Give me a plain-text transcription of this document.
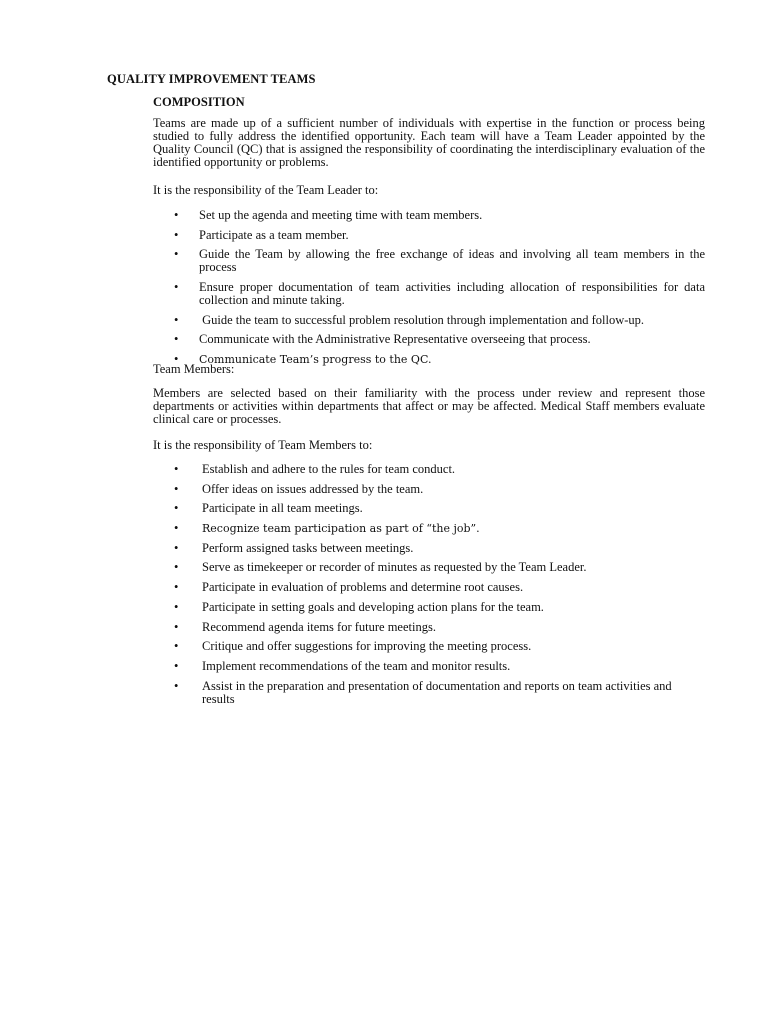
QUALITY IMPROVEMENT TEAMS
COMPOSITION

Teams are made up of a sufficient number of individuals with expertise in the function or process being studied to fully address the identified opportunity. Each team will have a Team Leader appointed by the Quality Council (QC) that is assigned the responsibility of coordinating the interdisciplinary evaluation of the identified opportunity or problems.

It is the responsibility of the Team Leader to:

• Set up the agenda and meeting time with team members.
• Participate as a team member.
• Guide the Team by allowing the free exchange of ideas and involving all team members in the process
• Ensure proper documentation of team activities including allocation of responsibilities for data collection and minute taking.
• Guide the team to successful problem resolution through implementation and follow-up.
• Communicate with the Administrative Representative overseeing that process.
• Communicate Team’s progress to the QC.

Team Members:

Members are selected based on their familiarity with the process under review and represent those departments or activities within departments that affect or may be affected. Medical Staff members evaluate clinical care or processes.

It is the responsibility of Team Members to:

• Establish and adhere to the rules for team conduct.
• Offer ideas on issues addressed by the team.
• Participate in all team meetings.
• Recognize team participation as part of “the job”.
• Perform assigned tasks between meetings.
• Serve as timekeeper or recorder of minutes as requested by the Team Leader.
• Participate in evaluation of problems and determine root causes.
• Participate in setting goals and developing action plans for the team.
• Recommend agenda items for future meetings.
• Critique and offer suggestions for improving the meeting process.
• Implement recommendations of the team and monitor results.
• Assist in the preparation and presentation of documentation and reports on team activities and results
